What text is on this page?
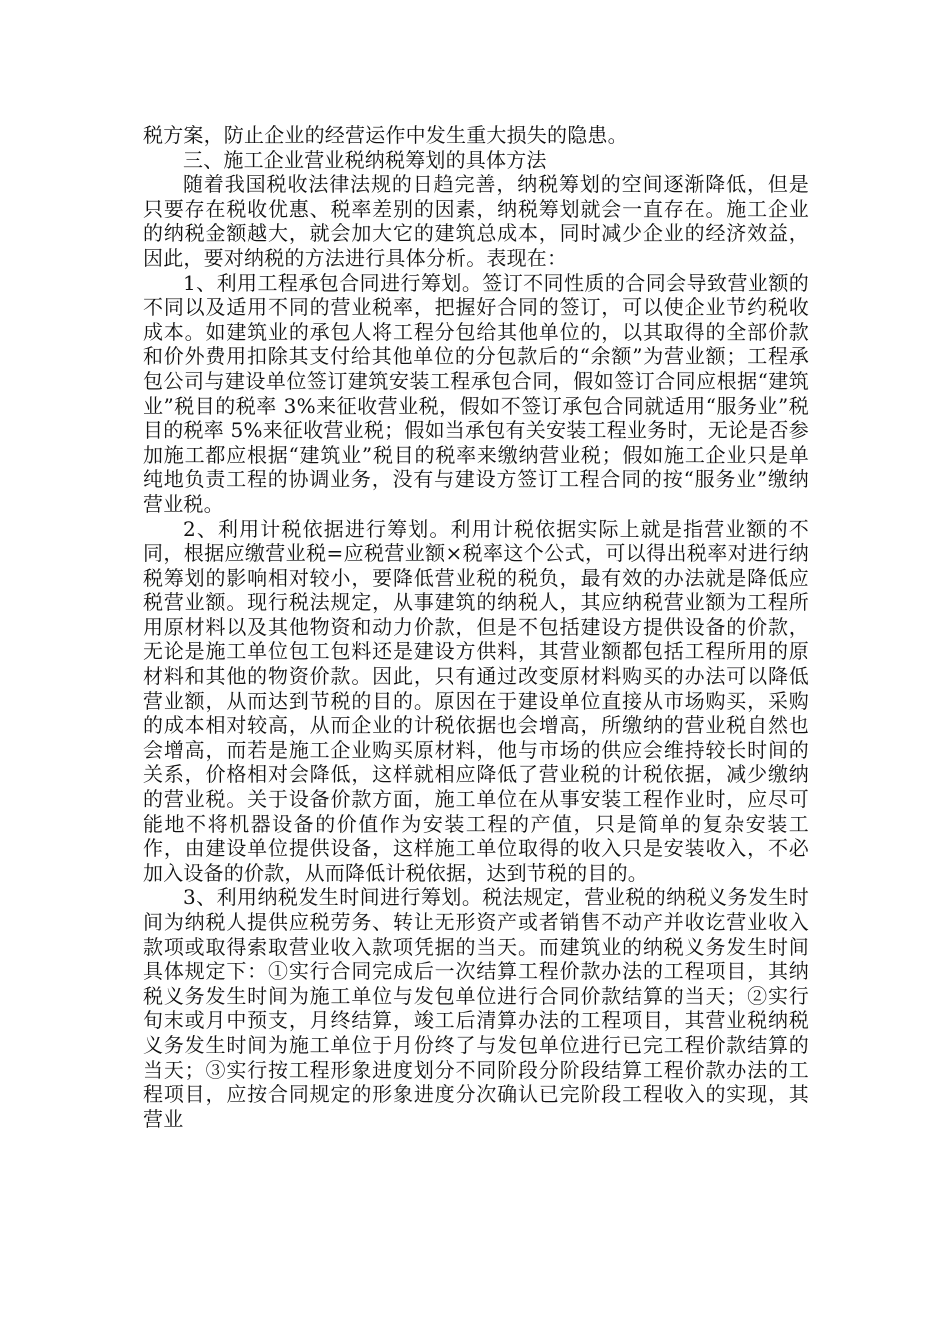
税方案，防止企业的经营运作中发生重大损失的隐患。

三、施工企业营业税纳税筹划的具体方法

随着我国税收法律法规的日趋完善，纳税筹划的空间逐渐降低，但是只要存在税收优惠、税率差别的因素，纳税筹划就会一直存在。施工企业的纳税金额越大，就会加大它的建筑总成本，同时减少企业的经济效益，因此，要对纳税的方法进行具体分析。表现在：

1、利用工程承包合同进行筹划。签订不同性质的合同会导致营业额的不同以及适用不同的营业税率，把握好合同的签订，可以使企业节约税收成本。如建筑业的承包人将工程分包给其他单位的，以其取得的全部价款和价外费用扣除其支付给其他单位的分包款后的“余额”为营业额；工程承包公司与建设单位签订建筑安装工程承包合同，假如签订合同应根据“建筑业”税目的税率 3%来征收营业税，假如不签订承包合同就适用“服务业”税目的税率 5%来征收营业税；假如当承包有关安装工程业务时，无论是否参加施工都应根据“建筑业”税目的税率来缴纳营业税；假如施工企业只是单纯地负责工程的协调业务，没有与建设方签订工程合同的按“服务业”缴纳营业税。

2、利用计税依据进行筹划。利用计税依据实际上就是指营业额的不同，根据应缴营业税=应税营业额×税率这个公式，可以得出税率对进行纳税筹划的影响相对较小，要降低营业税的税负，最有效的办法就是降低应税营业额。现行税法规定，从事建筑的纳税人，其应纳税营业额为工程所用原材料以及其他物资和动力价款，但是不包括建设方提供设备的价款，无论是施工单位包工包料还是建设方供料，其营业额都包括工程所用的原材料和其他的物资价款。因此，只有通过改变原材料购买的办法可以降低营业额，从而达到节税的目的。原因在于建设单位直接从市场购买，采购的成本相对较高，从而企业的计税依据也会增高，所缴纳的营业税自然也会增高，而若是施工企业购买原材料，他与市场的供应会维持较长时间的关系，价格相对会降低，这样就相应降低了营业税的计税依据，减少缴纳的营业税。关于设备价款方面，施工单位在从事安装工程作业时，应尽可能地不将机器设备的价值作为安装工程的产值，只是简单的复杂安装工作，由建设单位提供设备，这样施工单位取得的收入只是安装收入，不必加入设备的价款，从而降低计税依据，达到节税的目的。

3、利用纳税发生时间进行筹划。税法规定，营业税的纳税义务发生时间为纳税人提供应税劳务、转让无形资产或者销售不动产并收讫营业收入款项或取得索取营业收入款项凭据的当天。而建筑业的纳税义务发生时间具体规定下：①实行合同完成后一次结算工程价款办法的工程项目，其纳税义务发生时间为施工单位与发包单位进行合同价款结算的当天；②实行旬末或月中预支，月终结算，竣工后清算办法的工程项目，其营业税纳税义务发生时间为施工单位于月份终了与发包单位进行已完工程价款结算的当天；③实行按工程形象进度划分不同阶段分阶段结算工程价款办法的工程项目，应按合同规定的形象进度分次确认已完阶段工程收入的实现，其营业
